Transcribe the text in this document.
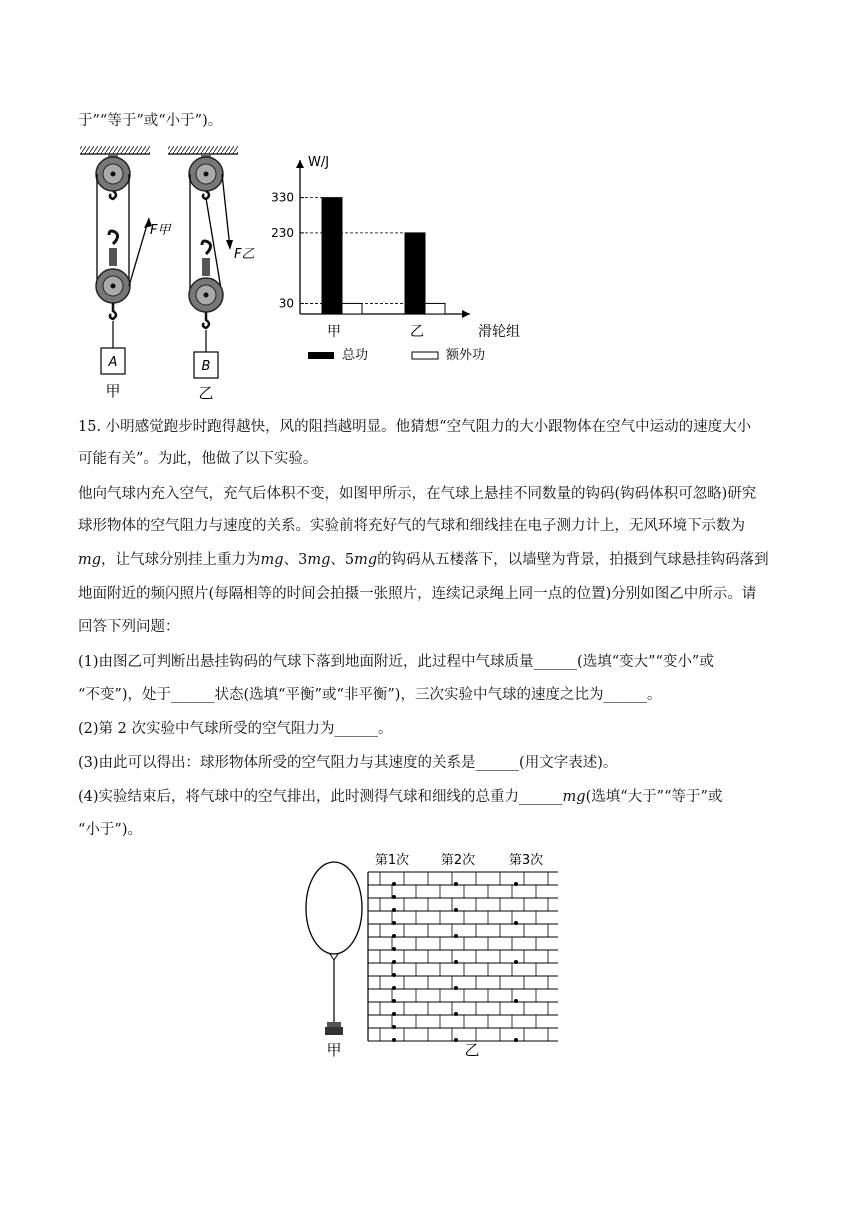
于”“等于”或“小于”)。
F甲
A
甲
F乙
B
乙
W/J
滑轮组
30
230
330
甲	乙
总功	额外功
15. 小明感觉跑步时跑得越快，风的阻挡越明显。他猜想“空气阻力的大小跟物体在空气中运动的速度大小
可能有关”。为此，他做了以下实验。
他向气球内充入空气，充气后体积不变，如图甲所示，在气球上悬挂不同数量的钩码(钩码体积可忽略)研究
球形物体的空气阻力与速度的关系。实验前将充好气的气球和细线挂在电子测力计上，无风环境下示数为
mg，让气球分别挂上重力为mg、3mg、5mg的钩码从五楼落下，以墙壁为背景，拍摄到气球悬挂钩码落到
地面附近的频闪照片(每隔相等的时间会拍摄一张照片，连续记录绳上同一点的位置)分别如图乙中所示。请
回答下列问题：
(1)由图乙可判断出悬挂钩码的气球下落到地面附近，此过程中气球质量______(选填“变大”“变小”或
“不变”)，处于______状态(选填“平衡”或“非平衡”)，三次实验中气球的速度之比为______。
(2)第 2 次实验中气球所受的空气阻力为______。
(3)由此可以得出：球形物体所受的空气阻力与其速度的关系是______(用文字表述)。
(4)实验结束后，将气球中的空气排出，此时测得气球和细线的总重力______mg(选填“大于”“等于”或
“小于”)。
甲
第1次 第2次	第3次
乙
